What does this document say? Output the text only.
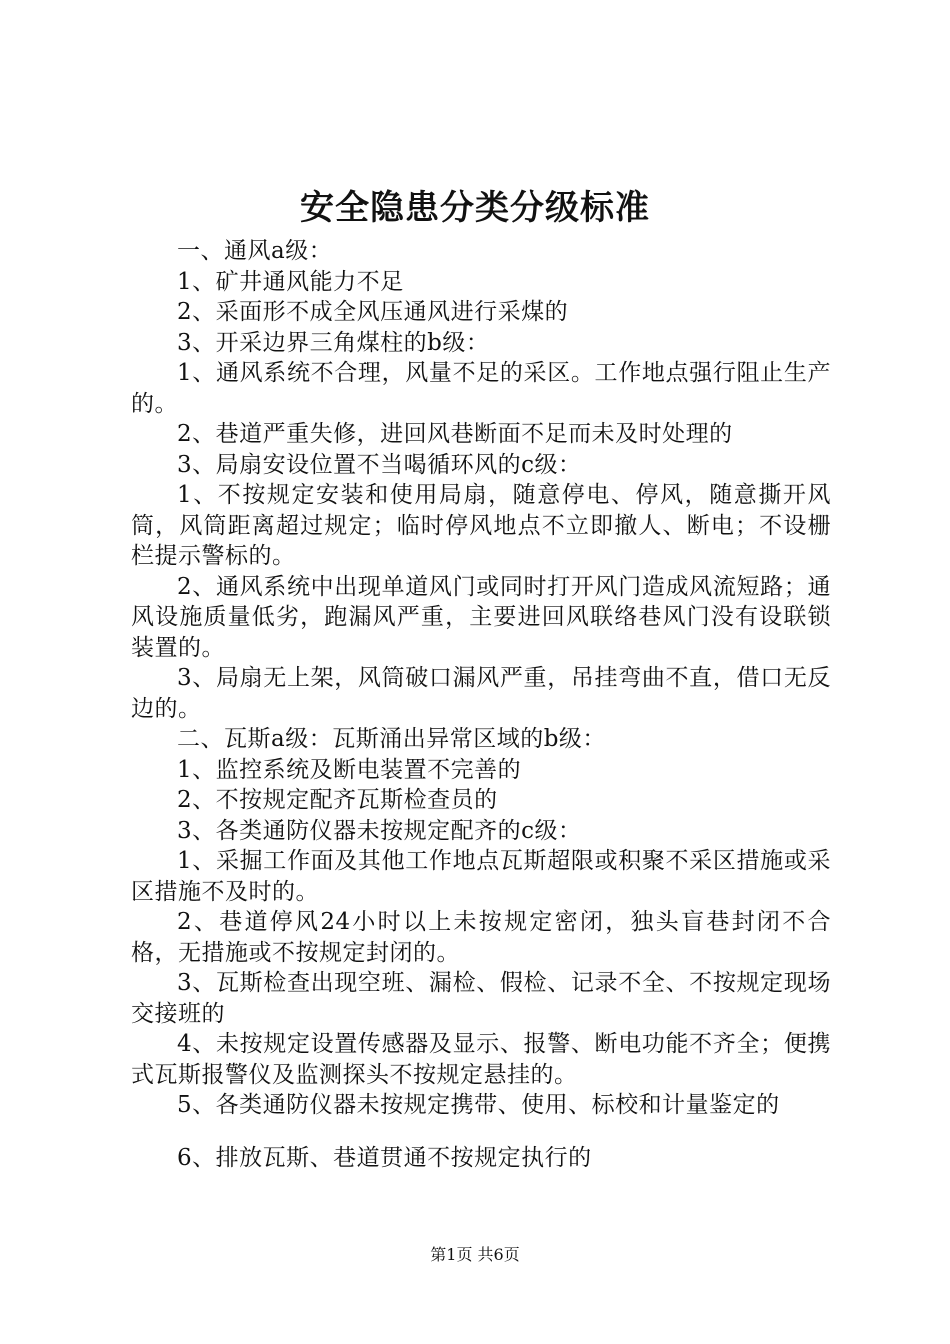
安全隐患分类分级标准

一、通风a级：

1、矿井通风能力不足

2、采面形不成全风压通风进行采煤的

3、开采边界三角煤柱的b级：

1、通风系统不合理，风量不足的采区。工作地点强行阻止生产的。

2、巷道严重失修，进回风巷断面不足而未及时处理的

3、局扇安设位置不当喝循环风的c级：

1、不按规定安装和使用局扇，随意停电、停风，随意撕开风筒，风筒距离超过规定；临时停风地点不立即撤人、断电；不设栅栏提示警标的。

2、通风系统中出现单道风门或同时打开风门造成风流短路；通风设施质量低劣，跑漏风严重，主要进回风联络巷风门没有设联锁装置的。

3、局扇无上架，风筒破口漏风严重，吊挂弯曲不直，借口无反边的。

二、瓦斯a级：瓦斯涌出异常区域的b级：

1、监控系统及断电装置不完善的

2、不按规定配齐瓦斯检查员的

3、各类通防仪器未按规定配齐的c级：

1、采掘工作面及其他工作地点瓦斯超限或积聚不采区措施或采区措施不及时的。

2、巷道停风24小时以上未按规定密闭，独头盲巷封闭不合格，无措施或不按规定封闭的。

3、瓦斯检查出现空班、漏检、假检、记录不全、不按规定现场交接班的

4、未按规定设置传感器及显示、报警、断电功能不齐全；便携式瓦斯报警仪及监测探头不按规定悬挂的。

5、各类通防仪器未按规定携带、使用、标校和计量鉴定的

6、排放瓦斯、巷道贯通不按规定执行的

第1页 共6页
